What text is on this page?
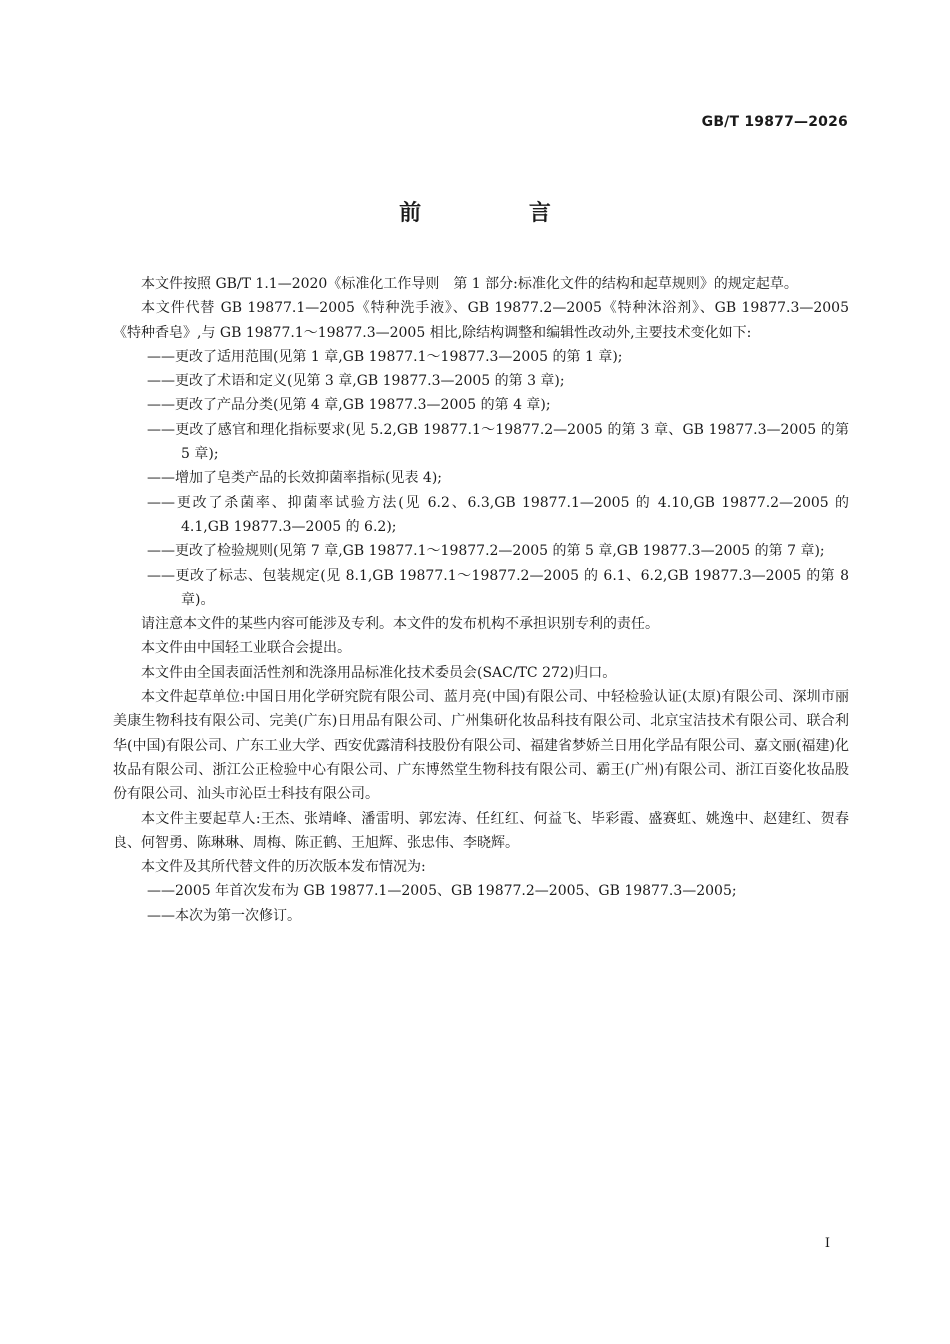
GB/T 19877—2026
前 言

本文件按照 GB/T 1.1—2020《标准化工作导则　第 1 部分:标准化文件的结构和起草规则》的规定起草。

本文件代替 GB 19877.1—2005《特种洗手液》、GB 19877.2—2005《特种沐浴剂》、GB 19877.3—2005《特种香皂》,与 GB 19877.1～19877.3—2005 相比,除结构调整和编辑性改动外,主要技术变化如下:

——更改了适用范围(见第 1 章,GB 19877.1～19877.3—2005 的第 1 章);

——更改了术语和定义(见第 3 章,GB 19877.3—2005 的第 3 章);

——更改了产品分类(见第 4 章,GB 19877.3—2005 的第 4 章);

——更改了感官和理化指标要求(见 5.2,GB 19877.1～19877.2—2005 的第 3 章、GB 19877.3—2005 的第 5 章);

——增加了皂类产品的长效抑菌率指标(见表 4);

——更改了杀菌率、抑菌率试验方法(见 6.2、6.3,GB 19877.1—2005 的 4.10,GB 19877.2—2005 的 4.1,GB 19877.3—2005 的 6.2);

——更改了检验规则(见第 7 章,GB 19877.1～19877.2—2005 的第 5 章,GB 19877.3—2005 的第 7 章);

——更改了标志、包装规定(见 8.1,GB 19877.1～19877.2—2005 的 6.1、6.2,GB 19877.3—2005 的第 8 章)。

请注意本文件的某些内容可能涉及专利。本文件的发布机构不承担识别专利的责任。

本文件由中国轻工业联合会提出。

本文件由全国表面活性剂和洗涤用品标准化技术委员会(SAC/TC 272)归口。

本文件起草单位:中国日用化学研究院有限公司、蓝月亮(中国)有限公司、中轻检验认证(太原)有限公司、深圳市丽美康生物科技有限公司、完美(广东)日用品有限公司、广州集研化妆品科技有限公司、北京宝洁技术有限公司、联合利华(中国)有限公司、广东工业大学、西安优露清科技股份有限公司、福建省梦娇兰日用化学品有限公司、嘉文丽(福建)化妆品有限公司、浙江公正检验中心有限公司、广东博然堂生物科技有限公司、霸王(广州)有限公司、浙江百姿化妆品股份有限公司、汕头市沁臣士科技有限公司。

本文件主要起草人:王杰、张靖峰、潘雷明、郭宏涛、任红红、何益飞、毕彩霞、盛赛虹、姚逸中、赵建红、贺春良、何智勇、陈琳琳、周梅、陈正鹤、王旭辉、张忠伟、李晓辉。

本文件及其所代替文件的历次版本发布情况为:

——2005 年首次发布为 GB 19877.1—2005、GB 19877.2—2005、GB 19877.3—2005;

——本次为第一次修订。

I
